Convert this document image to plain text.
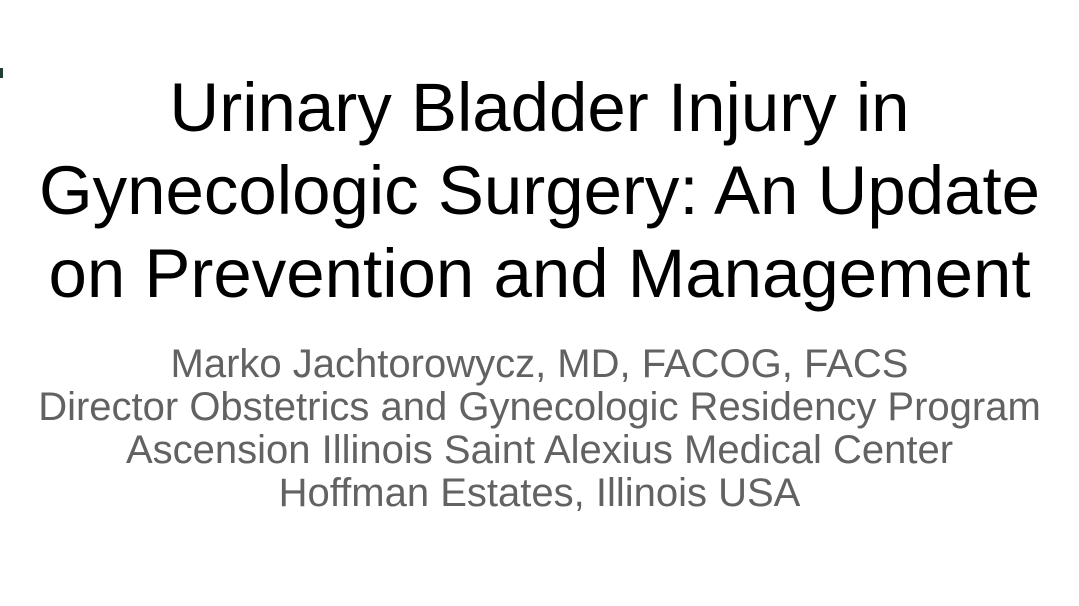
Urinary Bladder Injury in
Gynecologic Surgery: An Update
on Prevention and Management
Marko Jachtorowycz, MD, FACOG, FACS
Director Obstetrics and Gynecologic Residency Program
Ascension Illinois Saint Alexius Medical Center
Hoffman Estates, Illinois USA
